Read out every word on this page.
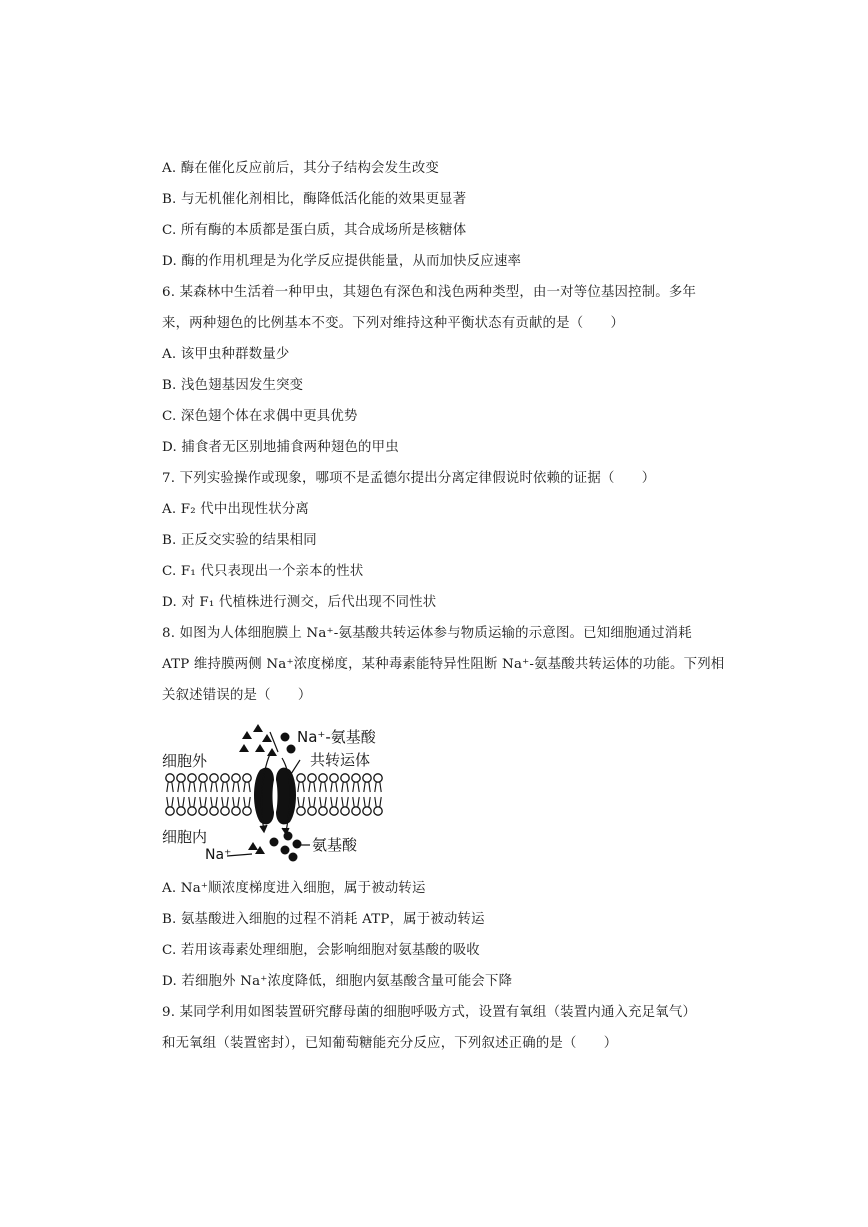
A. 酶在催化反应前后，其分子结构会发生改变
B. 与无机催化剂相比，酶降低活化能的效果更显著
C. 所有酶的本质都是蛋白质，其合成场所是核糖体
D. 酶的作用机理是为化学反应提供能量，从而加快反应速率
6. 某森林中生活着一种甲虫，其翅色有深色和浅色两种类型，由一对等位基因控制。多年
来，两种翅色的比例基本不变。下列对维持这种平衡状态有贡献的是（　　）
A. 该甲虫种群数量少
B. 浅色翅基因发生突变
C. 深色翅个体在求偶中更具优势
D. 捕食者无区别地捕食两种翅色的甲虫
7. 下列实验操作或现象，哪项不是孟德尔提出分离定律假说时依赖的证据（　　）
A. F₂ 代中出现性状分离
B. 正反交实验的结果相同
C. F₁ 代只表现出一个亲本的性状
D. 对 F₁ 代植株进行测交，后代出现不同性状
8. 如图为人体细胞膜上 Na⁺-氨基酸共转运体参与物质运输的示意图。已知细胞通过消耗
ATP 维持膜两侧 Na⁺浓度梯度，某种毒素能特异性阻断 Na⁺-氨基酸共转运体的功能。下列相
关叙述错误的是（　　）
细胞外
细胞内
Na⁺
Na⁺-氨基酸
共转运体
氨基酸
A. Na⁺顺浓度梯度进入细胞，属于被动转运
B. 氨基酸进入细胞的过程不消耗 ATP，属于被动转运
C. 若用该毒素处理细胞，会影响细胞对氨基酸的吸收
D. 若细胞外 Na⁺浓度降低，细胞内氨基酸含量可能会下降
9. 某同学利用如图装置研究酵母菌的细胞呼吸方式，设置有氧组（装置内通入充足氧气）
和无氧组（装置密封），已知葡萄糖能充分反应，下列叙述正确的是（　　）
